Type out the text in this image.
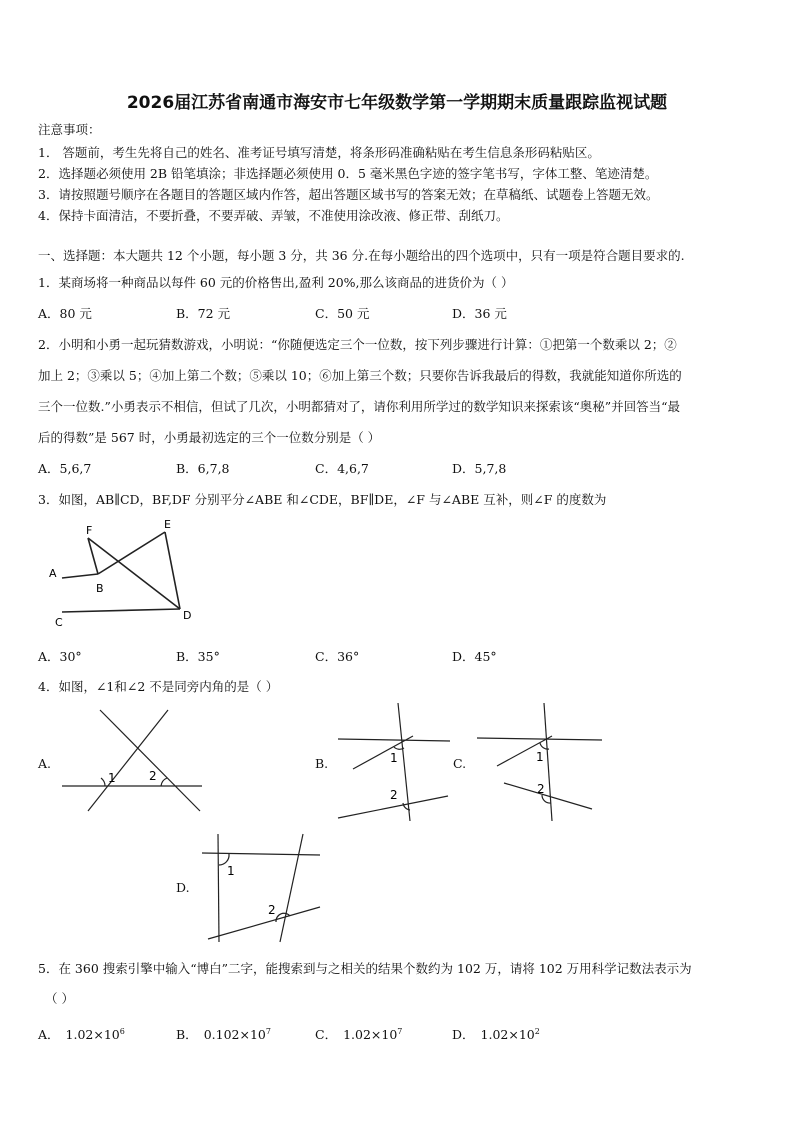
2026届江苏省南通市海安市七年级数学第一学期期末质量跟踪监视试题
注意事项：
1． 答题前，考生先将自己的姓名、准考证号填写清楚，将条形码准确粘贴在考生信息条形码粘贴区。
2．选择题必须使用 2B 铅笔填涂；非选择题必须使用 0．5 毫米黑色字迹的签字笔书写，字体工整、笔迹清楚。
3．请按照题号顺序在各题目的答题区域内作答，超出答题区域书写的答案无效；在草稿纸、试题卷上答题无效。
4．保持卡面清洁，不要折叠，不要弄破、弄皱，不准使用涂改液、修正带、刮纸刀。
一、选择题：本大题共 12 个小题，每小题 3 分，共 36 分.在每小题给出的四个选项中，只有一项是符合题目要求的.
1．某商场将一种商品以每件 60 元的价格售出,盈利 20%,那么该商品的进货价为（ ）
A．80 元	B．72 元	C．50 元	D．36 元
2．小明和小勇一起玩猜数游戏，小明说：“你随便选定三个一位数，按下列步骤进行计算：①把第一个数乘以 2；②
加上 2；③乘以 5；④加上第二个数；⑤乘以 10；⑥加上第三个数；只要你告诉我最后的得数，我就能知道你所选的
三个一位数.”小勇表示不相信，但试了几次，小明都猜对了，请你利用所学过的数学知识来探索该“奥秘”并回答当“最
后的得数”是 567 时，小勇最初选定的三个一位数分别是（ ）
A．5,6,7	B．6,7,8	C．4,6,7	D．5,7,8
3．如图，AB∥CD，BF,DF 分别平分∠ABE 和∠CDE，BF∥DE，∠F 与∠ABE 互补，则∠F 的度数为
F	E
A
B
C
D
A．30°	B．35°	C．36°	D．45°
4．如图，∠1和∠2 不是同旁内角的是（ ）
A.
1	2
B.	1
2
C.	1
2
D.
1
2
5．在 360 搜索引擎中输入“博白”二字，能搜索到与之相关的结果个数约为 102 万，请将 102 万用科学记数法表示为
（ ）
A． $1.02\times 10^6$	B． $0.102\times 10^7$	C． $1.02\times 10^7$	D． $1.02\times 10^2$
